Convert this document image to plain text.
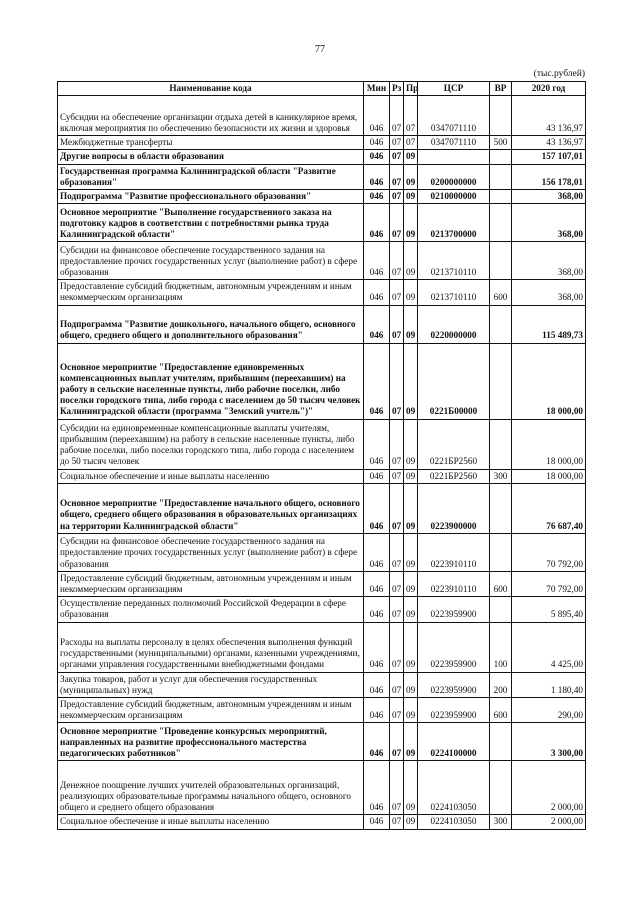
77
(тыс.рублей)
Наименование кода	Мин	Рз	Пр	ЦСР	ВР	2020 год
Субсидии на обеспечение организации отдыха детей в каникулярное время, включая мероприятия по обеспечению безопасности их жизни и здоровья	046	07	07	0347071110		43 136,97
Межбюджетные трансферты	046	07	07	0347071110	500	43 136,97
Другие вопросы в области образования	046	07	09			157 107,01
Государственная программа Калининградской области "Развитие образования"	046	07	09	0200000000		156 178,01
Подпрограмма "Развитие профессионального образования"	046	07	09	0210000000		368,00
Основное мероприятие "Выполнение государственного заказа на подготовку кадров в соответствии с потребностями рынка труда Калининградской области"	046	07	09	0213700000		368,00
Субсидии на финансовое обеспечение государственного задания на предоставление прочих государственных услуг (выполнение работ) в сфере образования	046	07	09	0213710110		368,00
Предоставление субсидий бюджетным, автономным учреждениям и иным некоммерческим организациям	046	07	09	0213710110	600	368,00
Подпрограмма "Развитие дошкольного, начального общего, основного общего, среднего общего и дополнительного образования"	046	07	09	0220000000		115 489,73
Основное мероприятие "Предоставление единовременных компенсационных выплат учителям, прибывшим (переехавшим) на работу в сельские населенные пункты, либо рабочие поселки, либо поселки городского типа, либо города с населением до 50 тысяч человек Калининградской области (программа "Земский учитель")"	046	07	09	0221Б00000		18 000,00
Субсидии на единовременные компенсационные выплаты учителям, прибывшим (переехавшим) на работу в сельские населенные пункты, либо рабочие поселки, либо поселки городского типа, либо города с населением до 50 тысяч человек	046	07	09	0221БР2560		18 000,00
Социальное обеспечение и иные выплаты населению	046	07	09	0221БР2560	300	18 000,00
Основное мероприятие "Предоставление начального общего, основного общего, среднего общего образования в образовательных организациях на территории Калининградской области"	046	07	09	0223900000		76 687,40
Субсидии на финансовое обеспечение государственного задания на предоставление прочих государственных услуг (выполнение работ) в сфере образования	046	07	09	0223910110		70 792,00
Предоставление субсидий бюджетным, автономным учреждениям и иным некоммерческим организациям	046	07	09	0223910110	600	70 792,00
Осуществление переданных полномочий Российской Федерации в сфере образования	046	07	09	0223959900		5 895,40
Расходы на выплаты персоналу в целях обеспечения выполнения функций государственными (муниципальными) органами, казенными учреждениями, органами управления государственными внебюджетными фондами	046	07	09	0223959900	100	4 425,00
Закупка товаров, работ и услуг для обеспечения государственных (муниципальных) нужд	046	07	09	0223959900	200	1 180,40
Предоставление субсидий бюджетным, автономным учреждениям и иным некоммерческим организациям	046	07	09	0223959900	600	290,00
Основное мероприятие "Проведение конкурсных мероприятий, направленных на развитие профессионального мастерства педагогических работников"	046	07	09	0224100000		3 300,00
Денежное поощрение лучших учителей образовательных организаций, реализующих образовательные программы начального общего, основного общего и среднего общего образования	046	07	09	0224103050		2 000,00
Социальное обеспечение и иные выплаты населению	046	07	09	0224103050	300	2 000,00
